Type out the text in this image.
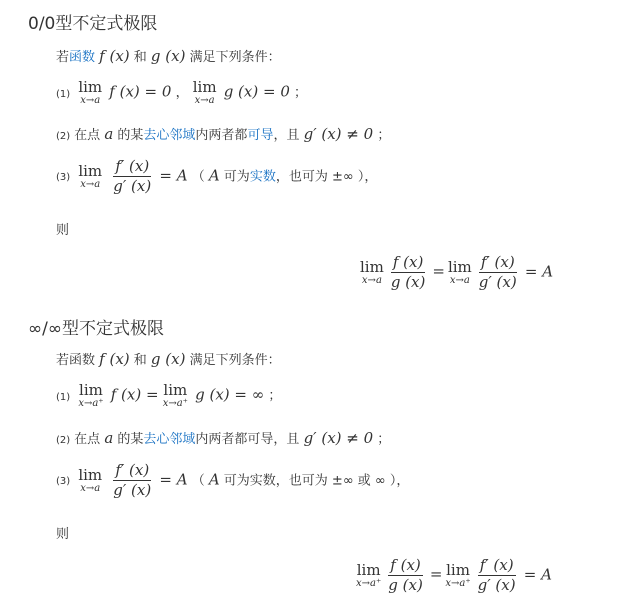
0/0型不定式极限
若函数 f (x) 和 g (x) 满足下列条件：
(1) lim
x→a f (x) = 0 ， lim
x→a g (x) = 0 ；
(2) 在点 a 的某去心邻域内两者都可导，且 g′ (x) ≠ 0 ；
(3) lim
x→a
$\frac{f' (x)}{g' (x)} = A$ （ A 可为实数，也可为 ±∞ ），
则
lim
$x\to a \frac{f (x)}{g (x)} = \lim$
$x\to a \frac{f' (x)}{g' (x)} = A$
∞/∞型不定式极限
若函数 f (x) 和 g (x) 满足下列条件：
(1) lim
x→a⁺ f (x) = lim
x→a⁺ g (x) = ∞ ；
(2) 在点 a 的某去心邻域内两者都可导，且 g′ (x) ≠ 0 ；
(3) lim
x→a
$\frac{f' (x)}{g' (x)} = A$ （ A 可为实数，也可为 ±∞ 或 ∞ ），
则
lim
$x\to a^+ \frac{f (x)}{g (x)} = \lim$
$x\to a^+ \frac{f' (x)}{g' (x)} = A$
